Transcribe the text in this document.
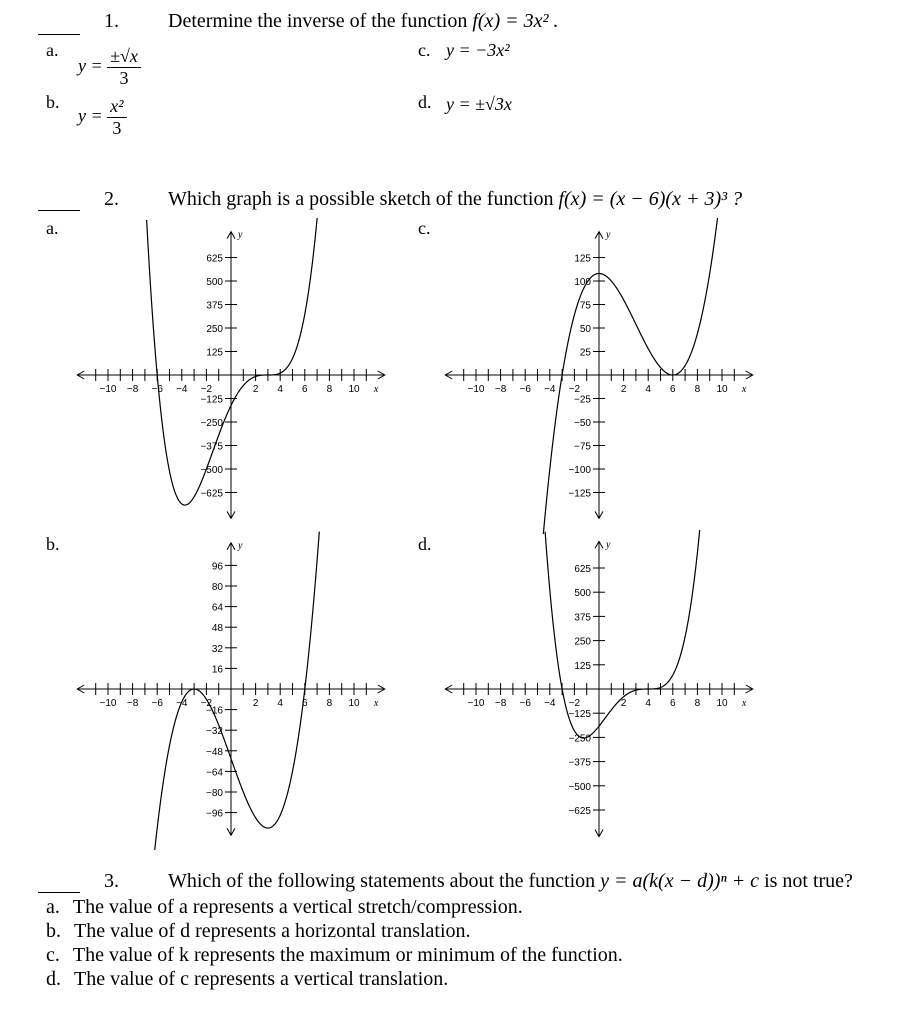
1. Determine the inverse of the function f(x) = 3x² .
a.
$y = \frac{\pm√x}{3}$
b.
$y = \frac{\text{x²}}{3}$
c. y = −3x²
d. y = ±√3x
2. Which graph is a possible sketch of the function f(x) = (x − 6)(x + 3)³ ?
a.	c.
b.	d.
−10 −8 −6 −4 −2	2 4 6 8 10 x
y
625
500
375
250
125
−125
−250
−375
−500
−625
−10 −8 −6 −4 −2	2 4 6 8 10 x
y
125
100
75
50
25
−25
−50
−75
−100
−125
−10 −8 −6 −4 −2	2 4 6 8 10 x
y
96
80
64
48
32
16
−16
−32
−48
−64
−80
−96
−10 −8 −6 −4 −2	2 4 6 8 10 x
y
625
500
375
250
125
−125
−250
−375
−500
−625
3. Which of the following statements about the function y = a(k(x − d))ⁿ + c is not true?
a. The value of a represents a vertical stretch/compression.
b. The value of d represents a horizontal translation.
c. The value of k represents the maximum or minimum of the function.
d. The value of c represents a vertical translation.
